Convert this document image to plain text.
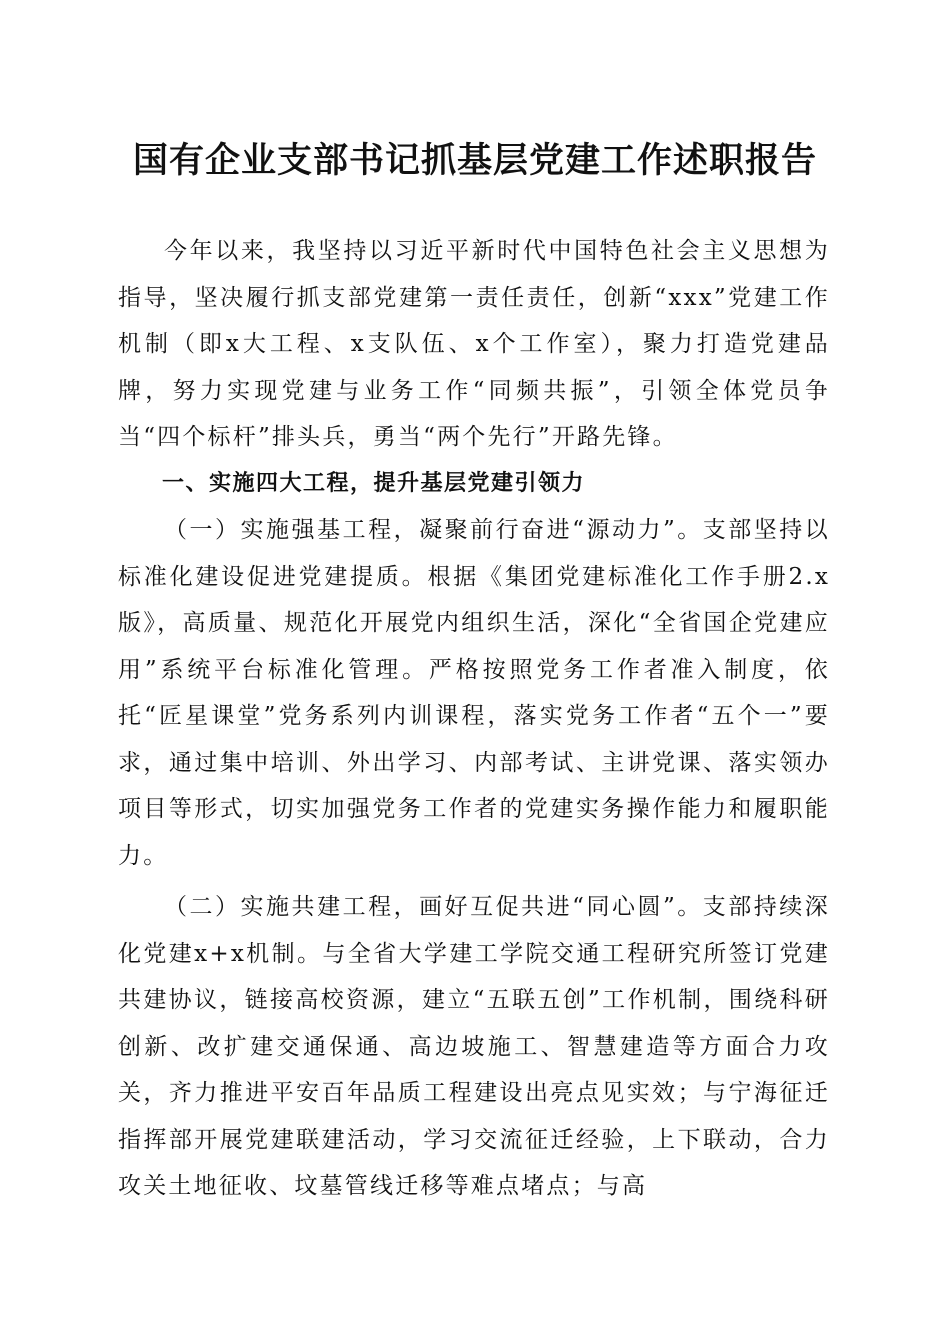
国有企业支部书记抓基层党建工作述职报告

今年以来，我坚持以习近平新时代中国特色社会主义思想为指导，坚决履行抓支部党建第一责任责任，创新“xxx”党建工作机制（即x大工程、x支队伍、x个工作室），聚力打造党建品牌，努力实现党建与业务工作“同频共振”，引领全体党员争当“四个标杆”排头兵，勇当“两个先行”开路先锋。

一、实施四大工程，提升基层党建引领力

（一）实施强基工程，凝聚前行奋进“源动力”。支部坚持以标准化建设促进党建提质。根据《集团党建标准化工作手册2.x版》，高质量、规范化开展党内组织生活，深化“全省国企党建应用”系统平台标准化管理。严格按照党务工作者准入制度，依托“匠星课堂”党务系列内训课程，落实党务工作者“五个一”要求，通过集中培训、外出学习、内部考试、主讲党课、落实领办项目等形式，切实加强党务工作者的党建实务操作能力和履职能力。

（二）实施共建工程，画好互促共进“同心圆”。支部持续深化党建x+x机制。与全省大学建工学院交通工程研究所签订党建共建协议，链接高校资源，建立“五联五创”工作机制，围绕科研创新、改扩建交通保通、高边坡施工、智慧建造等方面合力攻关，齐力推进平安百年品质工程建设出亮点见实效；与宁海征迁指挥部开展党建联建活动，学习交流征迁经验，上下联动，合力攻关土地征收、坟墓管线迁移等难点堵点；与高
